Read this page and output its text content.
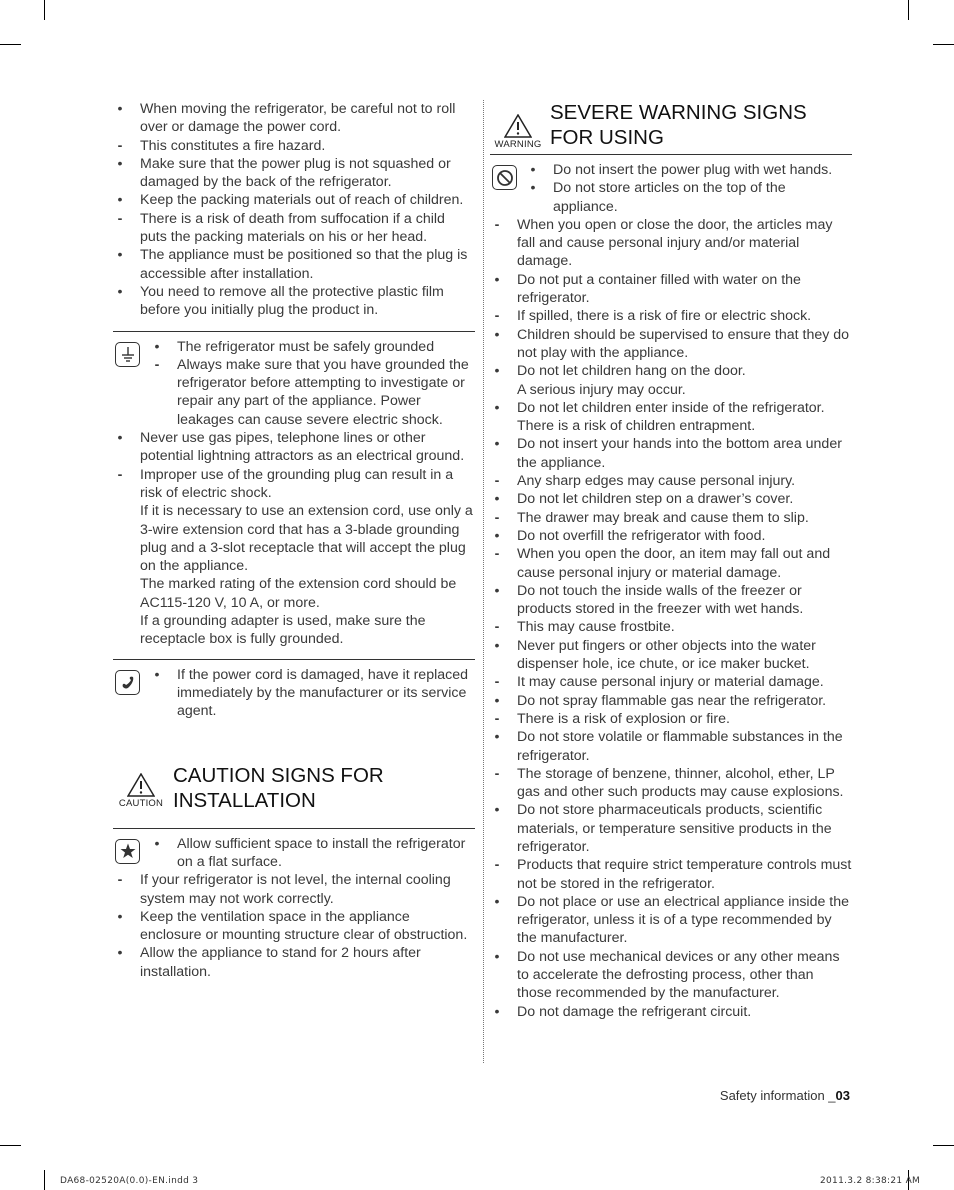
• When moving the refrigerator, be careful not to roll over or damage the power cord.
- This constitutes a fire hazard.
• Make sure that the power plug is not squashed or damaged by the back of the refrigerator.
• Keep the packing materials out of reach of children.
- There is a risk of death from suffocation if a child puts the packing materials on his or her head.
• The appliance must be positioned so that the plug is accessible after installation.
• You need to remove all the protective plastic film before you initially plug the product in.
• The refrigerator must be safely grounded
- Always make sure that you have grounded the refrigerator before attempting to investigate or repair any part of the appliance. Power leakages can cause severe electric shock.
• Never use gas pipes, telephone lines or other potential lightning attractors as an electrical ground.
- Improper use of the grounding plug can result in a risk of electric shock.
If it is necessary to use an extension cord, use only a 3-wire extension cord that has a 3-blade grounding plug and a 3-slot receptacle that will accept the plug on the appliance.
The marked rating of the extension cord should be AC115-120 V, 10 A, or more.
If a grounding adapter is used, make sure the receptacle box is fully grounded.
• If the power cord is damaged, have it replaced immediately by the manufacturer or its service agent.
CAUTION
CAUTION SIGNS FOR
INSTALLATION
• Allow sufficient space to install the refrigerator on a flat surface.
- If your refrigerator is not level, the internal cooling system may not work correctly.
• Keep the ventilation space in the appliance enclosure or mounting structure clear of obstruction.
• Allow the appliance to stand for 2 hours after installation.
WARNING
SEVERE WARNING SIGNS
FOR USING
• Do not insert the power plug with wet hands.
• Do not store articles on the top of the appliance.
- When you open or close the door, the articles may fall and cause personal injury and/or material damage.
• Do not put a container filled with water on the refrigerator.
- If spilled, there is a risk of fire or electric shock.
• Children should be supervised to ensure that they do not play with the appliance.
• Do not let children hang on the door.
A serious injury may occur.
• Do not let children enter inside of the refrigerator. There is a risk of children entrapment.
• Do not insert your hands into the bottom area under the appliance.
- Any sharp edges may cause personal injury.
• Do not let children step on a drawer’s cover.
- The drawer may break and cause them to slip.
• Do not overfill the refrigerator with food.
- When you open the door, an item may fall out and cause personal injury or material damage.
• Do not touch the inside walls of the freezer or products stored in the freezer with wet hands.
- This may cause frostbite.
• Never put fingers or other objects into the water dispenser hole, ice chute, or ice maker bucket.
- It may cause personal injury or material damage.
• Do not spray flammable gas near the refrigerator.
- There is a risk of explosion or fire.
• Do not store volatile or flammable substances in the refrigerator.
- The storage of benzene, thinner, alcohol, ether, LP gas and other such products may cause explosions.
• Do not store pharmaceuticals products, scientific materials, or temperature sensitive products in the refrigerator.
- Products that require strict temperature controls must not be stored in the refrigerator.
• Do not place or use an electrical appliance inside the refrigerator, unless it is of a type recommended by the manufacturer.
• Do not use mechanical devices or any other means to accelerate the defrosting process, other than those recommended by the manufacturer.
• Do not damage the refrigerant circuit.
Safety information _03
DA68-02520A(0.0)-EN.indd 3	2011.3.2 8:38:21 AM
